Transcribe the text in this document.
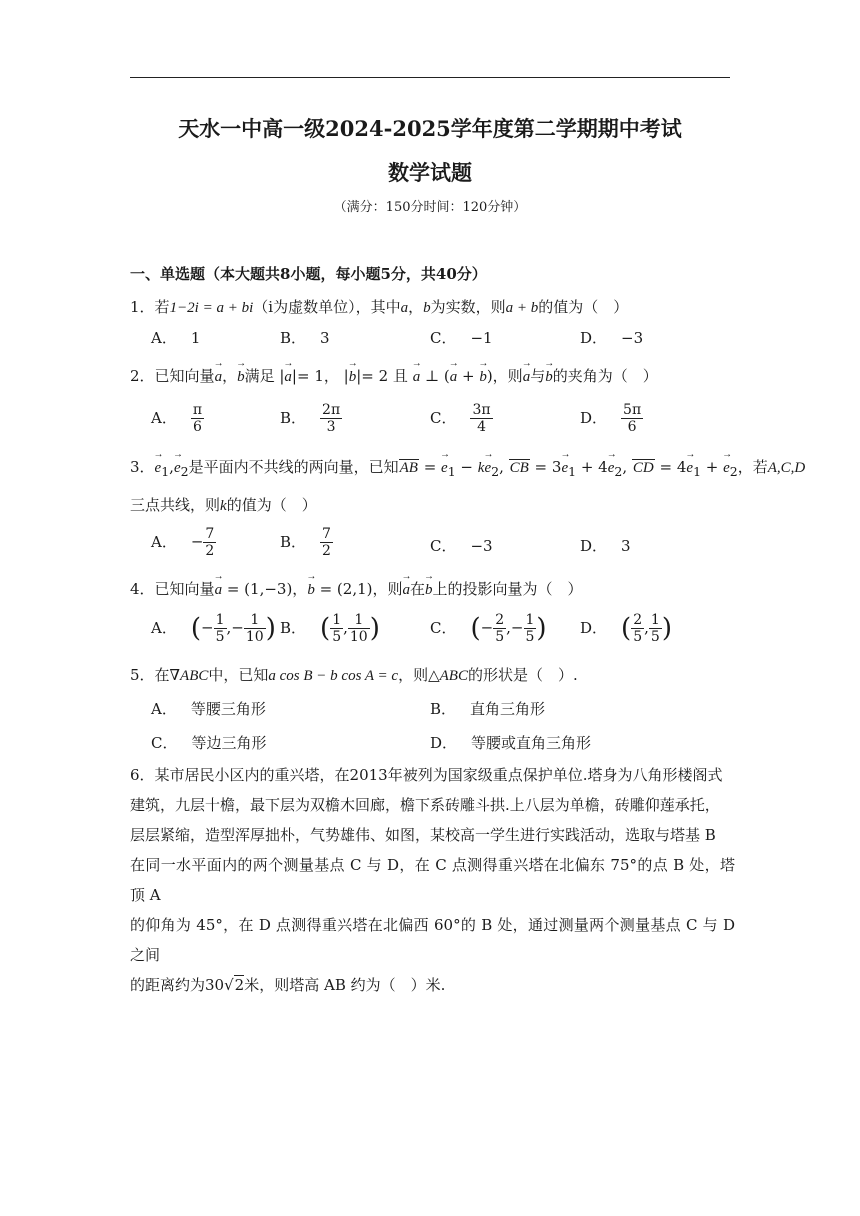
天水一中高一级2024-2025学年度第二学期期中考试
数学试题
（满分：150分时间：120分钟）
一、单选题（本大题共8小题，每小题5分，共40分）
1．若1−2i = a + bi（i为虚数单位），其中a，b为实数，则a + b的值为（　）
A． 1	B． 3	C． −1	D． −3
2．已知向量→ a，→ b满足 |→ a|= 1， |→ b|= 2 且 → a ⊥ (→ a + → b)，则→ a与→ b的夹角为（　）
A． $\frac{\pi}{6}$	B． $\frac{2\pi}{3}$	C． $\frac{3\pi}{4}$	D． $\frac{5\pi}{6}$
3．→ $e_1,\to e_2$是平面内不共线的两向量，已知AB = → $e_1 - k\to e_2$, CB = $3\to e_1 + 4\to e_2$, CD = $4\to e_1$ + → $e_2$，若A,C,D
三点共线，则k的值为（　）
A． − $\frac{7}{2}$	B． $\frac{7}{2}$	C． −3	D． 3
4．已知向量→ a = (1,−3)，→ b = (2,1)，则→ a在→ b上的投影向量为（　）
A． (− $\frac{1}{5}$ ,− $\frac{1}{10}$ ) B． ( $\frac{1}{5}$ , $\frac{1}{10}$ )	C． (− $\frac{2}{5}$ ,− $\frac{1}{5}$ ) D． ( $\frac{2}{5}$ , $\frac{1}{5}$ )
5．在∇ABC中，已知a cos B − b cos A = c，则△ABC的形状是（　）.
A． 等腰三角形	B． 直角三角形
C． 等边三角形	D． 等腰或直角三角形
6．某市居民小区内的重兴塔，在2013年被列为国家级重点保护单位.塔身为八角形楼阁式
建筑，九层十檐，最下层为双檐木回廊，檐下系砖雕斗拱.上八层为单檐，砖雕仰莲承托，
层层紧缩，造型浑厚拙朴，气势雄伟、如图，某校高一学生进行实践活动，选取与塔基 B
在同一水平面内的两个测量基点 C 与 D，在 C 点测得重兴塔在北偏东 75°的点 B 处，塔顶 A
的仰角为 45°，在 D 点测得重兴塔在北偏西 60°的 B 处，通过测量两个测量基点 C 与 D 之间
的距离约为30√2米，则塔高 AB 约为（　）米.
